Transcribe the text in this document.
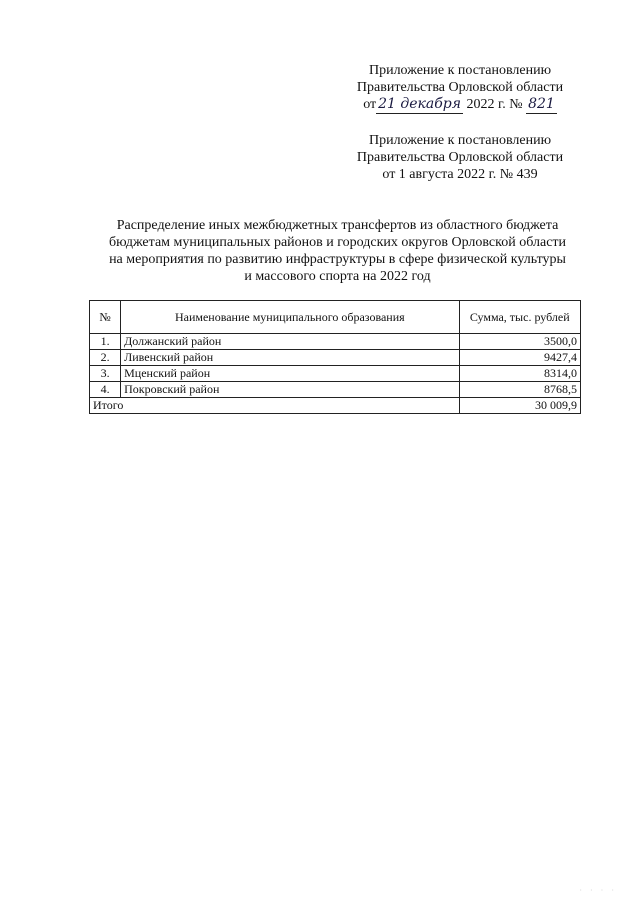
Приложение к постановлению
Правительства Орловской области
от 21 декабря 2022 г. № 821
Приложение к постановлению
Правительства Орловской области
от 1 августа 2022 г. № 439
Распределение иных межбюджетных трансфертов из областного бюджета
бюджетам муниципальных районов и городских округов Орловской области
на мероприятия по развитию инфраструктуры в сфере физической культуры
и массового спорта на 2022 год
№	Наименование муниципального образования	Сумма, тыс. рублей
1.	Должанский район	3500,0
2.	Ливенский район	9427,4
3.	Мценский район	8314,0
4.	Покровский район	8768,5
Итого		30 009,9
· · · ·
